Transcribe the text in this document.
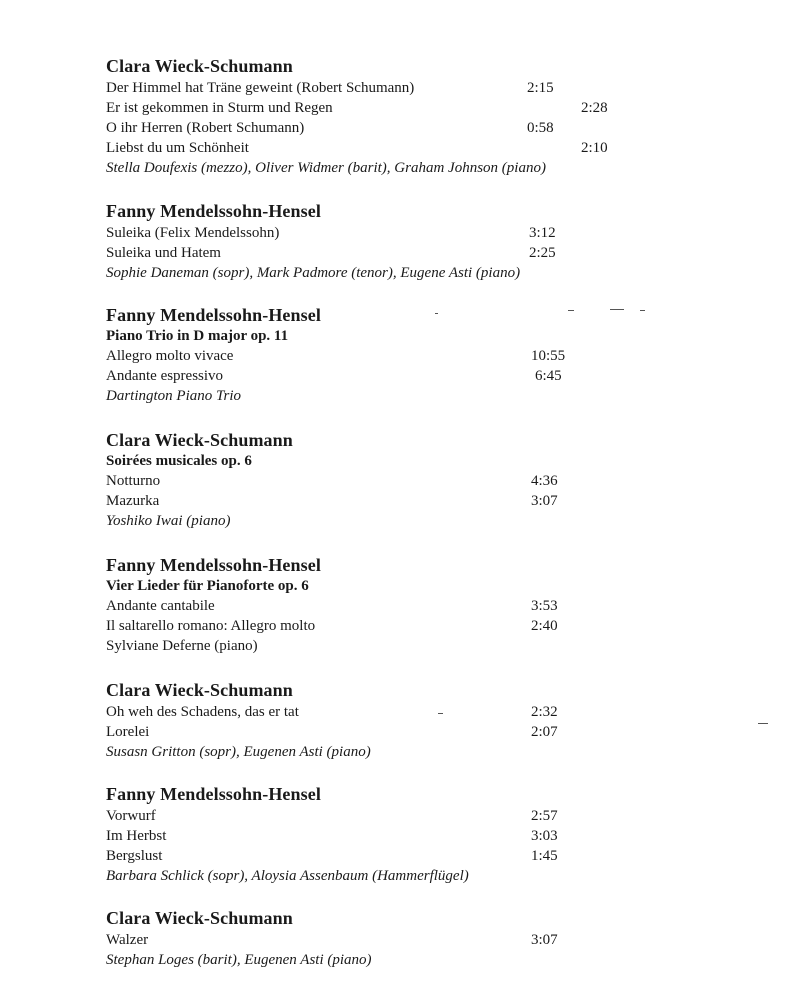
Clara Wieck-Schumann
Der Himmel hat Träne geweint (Robert Schumann)	2:15
Er ist gekommen in Sturm und Regen	2:28
O ihr Herren (Robert Schumann)	0:58
Liebst du um Schönheit	2:10
Stella Doufexis (mezzo), Oliver Widmer (barit), Graham Johnson (piano)
Fanny Mendelssohn-Hensel
Suleika (Felix Mendelssohn)	3:12
Suleika und Hatem	2:25
Sophie Daneman (sopr), Mark Padmore (tenor), Eugene Asti (piano)
Fanny Mendelssohn-Hensel
Piano Trio in D major op. 11
Allegro molto vivace	10:55
Andante espressivo	6:45
Dartington Piano Trio
Clara Wieck-Schumann
Soirées musicales op. 6
Notturno	4:36
Mazurka	3:07
Yoshiko Iwai (piano)
Fanny Mendelssohn-Hensel
Vier Lieder für Pianoforte op. 6
Andante cantabile	3:53
Il saltarello romano: Allegro molto	2:40
Sylviane Deferne (piano)
Clara Wieck-Schumann
Oh weh des Schadens, das er tat	2:32
Lorelei	2:07
Susasn Gritton (sopr), Eugenen Asti (piano)
Fanny Mendelssohn-Hensel
Vorwurf	2:57
Im Herbst	3:03
Bergslust	1:45
Barbara Schlick (sopr), Aloysia Assenbaum (Hammerflügel)
Clara Wieck-Schumann
Walzer	3:07
Stephan Loges (barit), Eugenen Asti (piano)
